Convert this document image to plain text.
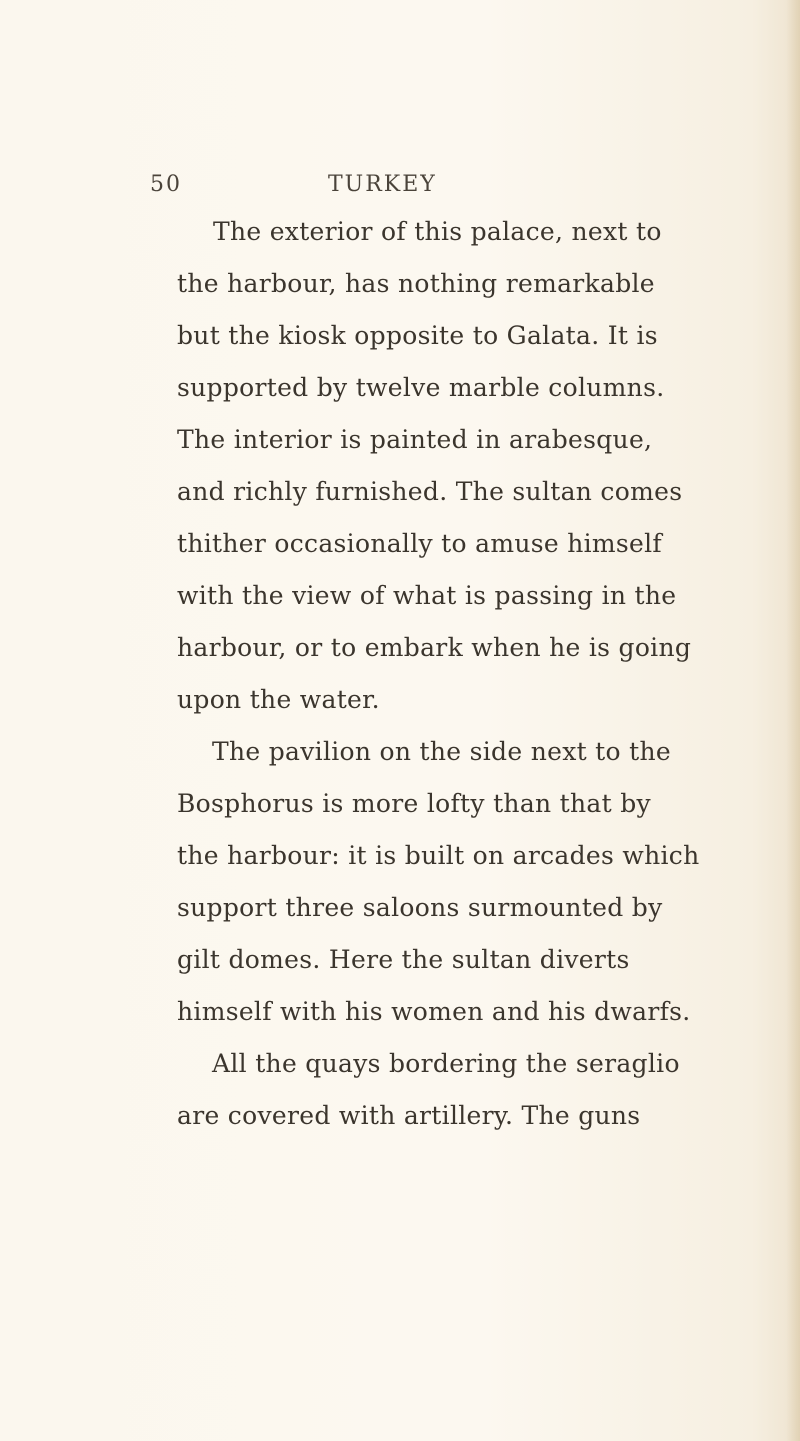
50	TURKEY
The exterior of this palace, next to
the harbour, has nothing remarkable
but the kiosk opposite to Galata. It is
supported by twelve marble columns.
The interior is painted in arabesque,
and richly furnished. The sultan comes
thither occasionally to amuse himself
with the view of what is passing in the
harbour, or to embark when he is going
upon the water.
The pavilion on the side next to the
Bosphorus is more lofty than that by
the harbour: it is built on arcades which
support three saloons surmounted by
gilt domes. Here the sultan diverts
himself with his women and his dwarfs.
All the quays bordering the seraglio
are covered with artillery. The guns
